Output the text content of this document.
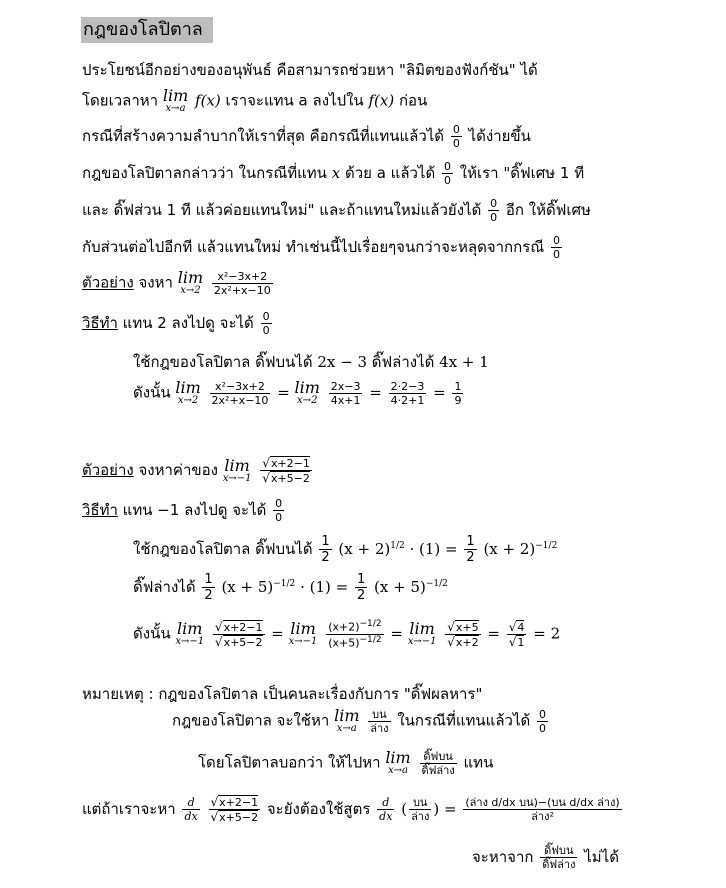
กฎของโลปิตาล
ประโยชน์อีกอย่างของอนุพันธ์ คือสามารถช่วยหา "ลิมิตของฟังก์ชัน" ได้
โดยเวลาหา lim
x→a f(x) เราจะแทน a ลงไปใน f(x) ก่อน
กรณีที่สร้างความลำบากให้เราที่สุด คือกรณีที่แทนแล้วได้ $\frac{0}{0}$ ได้ง่ายขึ้น
กฎของโลปิตาลกล่าวว่า ในกรณีที่แทน x ด้วย a แล้วได้ $\frac{0}{0}$ ให้เรา "ดิ๊ฟเศษ 1 ที
และ ดิ๊ฟส่วน 1 ที แล้วค่อยแทนใหม่" และถ้าแทนใหม่แล้วยังได้ $\frac{0}{0}$ อีก ให้ดิ๊ฟเศษ
กับส่วนต่อไปอีกที แล้วแทนใหม่ ทำเช่นนี้ไปเรื่อยๆจนกว่าจะหลุดจากกรณี $\frac{0}{0}$
ตัวอย่าง จงหา lim
x→2
$\frac{\text{x²−3x+2}}{\text{2x²+x−10}}$
วิธีทำ แทน 2 ลงไปดู จะได้ $\frac{0}{0}$
ใช้กฎของโลปิตาล ดิ๊ฟบนได้ 2x − 3 ดิ๊ฟล่างได้ 4x + 1
ดังนั้น lim
x→2
$\frac{\text{x²−3x+2}}{\text{2x²+x−10}} = \lim$
x→2
$\frac{2x-3}{4x+1} = \frac{2\cdot 2-3}{4\cdot 2+1} = \frac{1}{9}$
ตัวอย่าง จงหาค่าของ lim
x→−1
$\frac{√x+2-1}{√x+5-2}$
วิธีทำ แทน −1 ลงไปดู จะได้ $\frac{0}{0}$
ใช้กฎของโลปิตาล ดิ๊ฟบนได้ $\frac{1}{2} (x + 2)^{1/2} \cdot (1) = \frac{1}{2} (x + 2)^{-1/2}$
ดิ๊ฟล่างได้ $\frac{1}{2} (x + 5)^{-1/2} \cdot (1) = \frac{1}{2} (x + 5)^{-1/2}$
ดังนั้น lim
x→−1
$\frac{√x+2-1}{√x+5-2} = \lim$
x→−1
$\frac{(x+2)^{-1/2}}{(x+5)^{-1/2}} = \lim$
x→−1
$\frac{√x+5}{√x+2} = \frac{√4}{√1} = 2$
หมายเหตุ : กฎของโลปิตาล เป็นคนละเรื่องกับการ "ดิ๊ฟผลหาร"
กฎของโลปิตาล จะใช้หา lim
x→a
$\frac{\text{บน}}{\text{ล่าง}}$ ในกรณีที่แทนแล้วได้ $\frac{0}{0}$
โดยโลปิตาลบอกว่า ให้ไปหา lim
x→a
$\frac{\text{ดิ๊ฟบน}}{\text{ดิ๊ฟล่าง}}$ แทน
แต่ถ้าเราจะหา $\frac{d}{dx}$
$\frac{√x+2-1}{√x+5-2}$ จะยังต้องใช้สูตร $\frac{d}{dx}$ ( $\frac{\text{บน}}{\text{ล่าง}}$ ) = $\frac{\text{(ล่าง d/dx บน)−(บน d/dx ล่าง)}}{\text{ล่าง²}}$
จะหาจาก $\frac{\text{ดิ๊ฟบน}}{\text{ดิ๊ฟล่าง}}$ ไม่ได้
